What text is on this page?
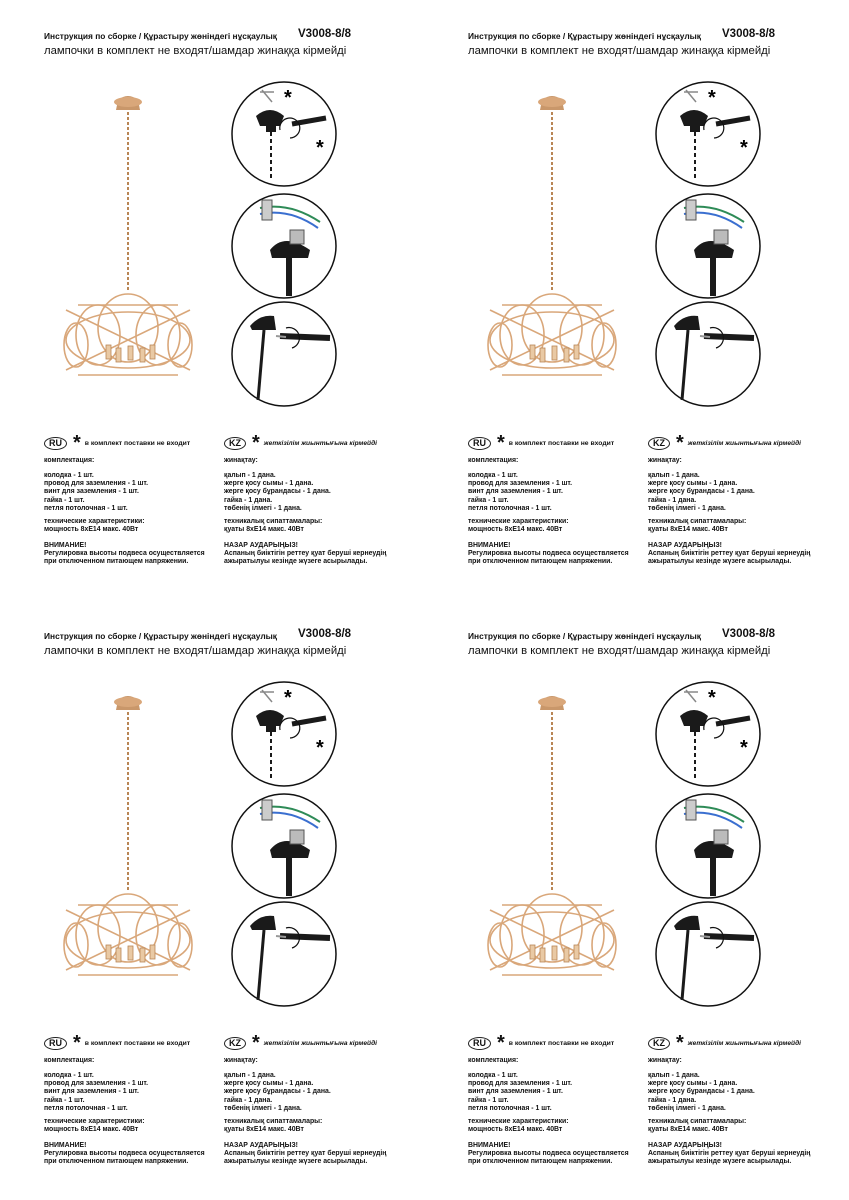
Инструкция по сборке / Құрастыру жөніндегі нұсқаулық V3008-8/8
лампочки в комплект не входят/шамдар жинаққа кірмейді
*
*
RU * в комплект поставки не входит	KZ * жеткізілім жиынтығына кірмейді
комплектация:	жинақтау:
колодка - 1 шт.
провод для заземления - 1 шт.
винт для заземления - 1 шт.
гайка - 1 шт.
петля потолочная - 1 шт.
қалып - 1 дана.
жерге қосу сымы - 1 дана.
жерге қосу бұрандасы - 1 дана.
гайка - 1 дана.
төбенің ілмегі - 1 дана.
технические характеристики:
мощность 8хЕ14 макс. 40Вт
техникалық сипаттамалары:
қуаты 8хЕ14 макс. 40Вт
ВНИМАНИЕ!
Регулировка высоты подвеса осуществляется
при отключенном питающем напряжении.
НАЗАР АУДАРЫҢЫЗ!
Аспаның биіктігін реттеу қуат беруші кернеудің
ажыратылуы кезінде жүзеге асырылады.
Инструкция по сборке / Құрастыру жөніндегі нұсқаулық V3008-8/8
лампочки в комплект не входят/шамдар жинаққа кірмейді
*
*
RU * в комплект поставки не входит	KZ * жеткізілім жиынтығына кірмейді
комплектация:	жинақтау:
колодка - 1 шт.
провод для заземления - 1 шт.
винт для заземления - 1 шт.
гайка - 1 шт.
петля потолочная - 1 шт.
қалып - 1 дана.
жерге қосу сымы - 1 дана.
жерге қосу бұрандасы - 1 дана.
гайка - 1 дана.
төбенің ілмегі - 1 дана.
технические характеристики:
мощность 8хЕ14 макс. 40Вт
техникалық сипаттамалары:
қуаты 8хЕ14 макс. 40Вт
ВНИМАНИЕ!
Регулировка высоты подвеса осуществляется
при отключенном питающем напряжении.
НАЗАР АУДАРЫҢЫЗ!
Аспаның биіктігін реттеу қуат беруші кернеудің
ажыратылуы кезінде жүзеге асырылады.
Инструкция по сборке / Құрастыру жөніндегі нұсқаулық V3008-8/8
лампочки в комплект не входят/шамдар жинаққа кірмейді
*
*
RU * в комплект поставки не входит	KZ * жеткізілім жиынтығына кірмейді
комплектация:	жинақтау:
колодка - 1 шт.
провод для заземления - 1 шт.
винт для заземления - 1 шт.
гайка - 1 шт.
петля потолочная - 1 шт.
қалып - 1 дана.
жерге қосу сымы - 1 дана.
жерге қосу бұрандасы - 1 дана.
гайка - 1 дана.
төбенің ілмегі - 1 дана.
технические характеристики:
мощность 8хЕ14 макс. 40Вт
техникалық сипаттамалары:
қуаты 8хЕ14 макс. 40Вт
ВНИМАНИЕ!
Регулировка высоты подвеса осуществляется
при отключенном питающем напряжении.
НАЗАР АУДАРЫҢЫЗ!
Аспаның биіктігін реттеу қуат беруші кернеудің
ажыратылуы кезінде жүзеге асырылады.
Инструкция по сборке / Құрастыру жөніндегі нұсқаулық V3008-8/8
лампочки в комплект не входят/шамдар жинаққа кірмейді
*
*
RU * в комплект поставки не входит	KZ * жеткізілім жиынтығына кірмейді
комплектация:	жинақтау:
колодка - 1 шт.
провод для заземления - 1 шт.
винт для заземления - 1 шт.
гайка - 1 шт.
петля потолочная - 1 шт.
қалып - 1 дана.
жерге қосу сымы - 1 дана.
жерге қосу бұрандасы - 1 дана.
гайка - 1 дана.
төбенің ілмегі - 1 дана.
технические характеристики:
мощность 8хЕ14 макс. 40Вт
техникалық сипаттамалары:
қуаты 8хЕ14 макс. 40Вт
ВНИМАНИЕ!
Регулировка высоты подвеса осуществляется
при отключенном питающем напряжении.
НАЗАР АУДАРЫҢЫЗ!
Аспаның биіктігін реттеу қуат беруші кернеудің
ажыратылуы кезінде жүзеге асырылады.
